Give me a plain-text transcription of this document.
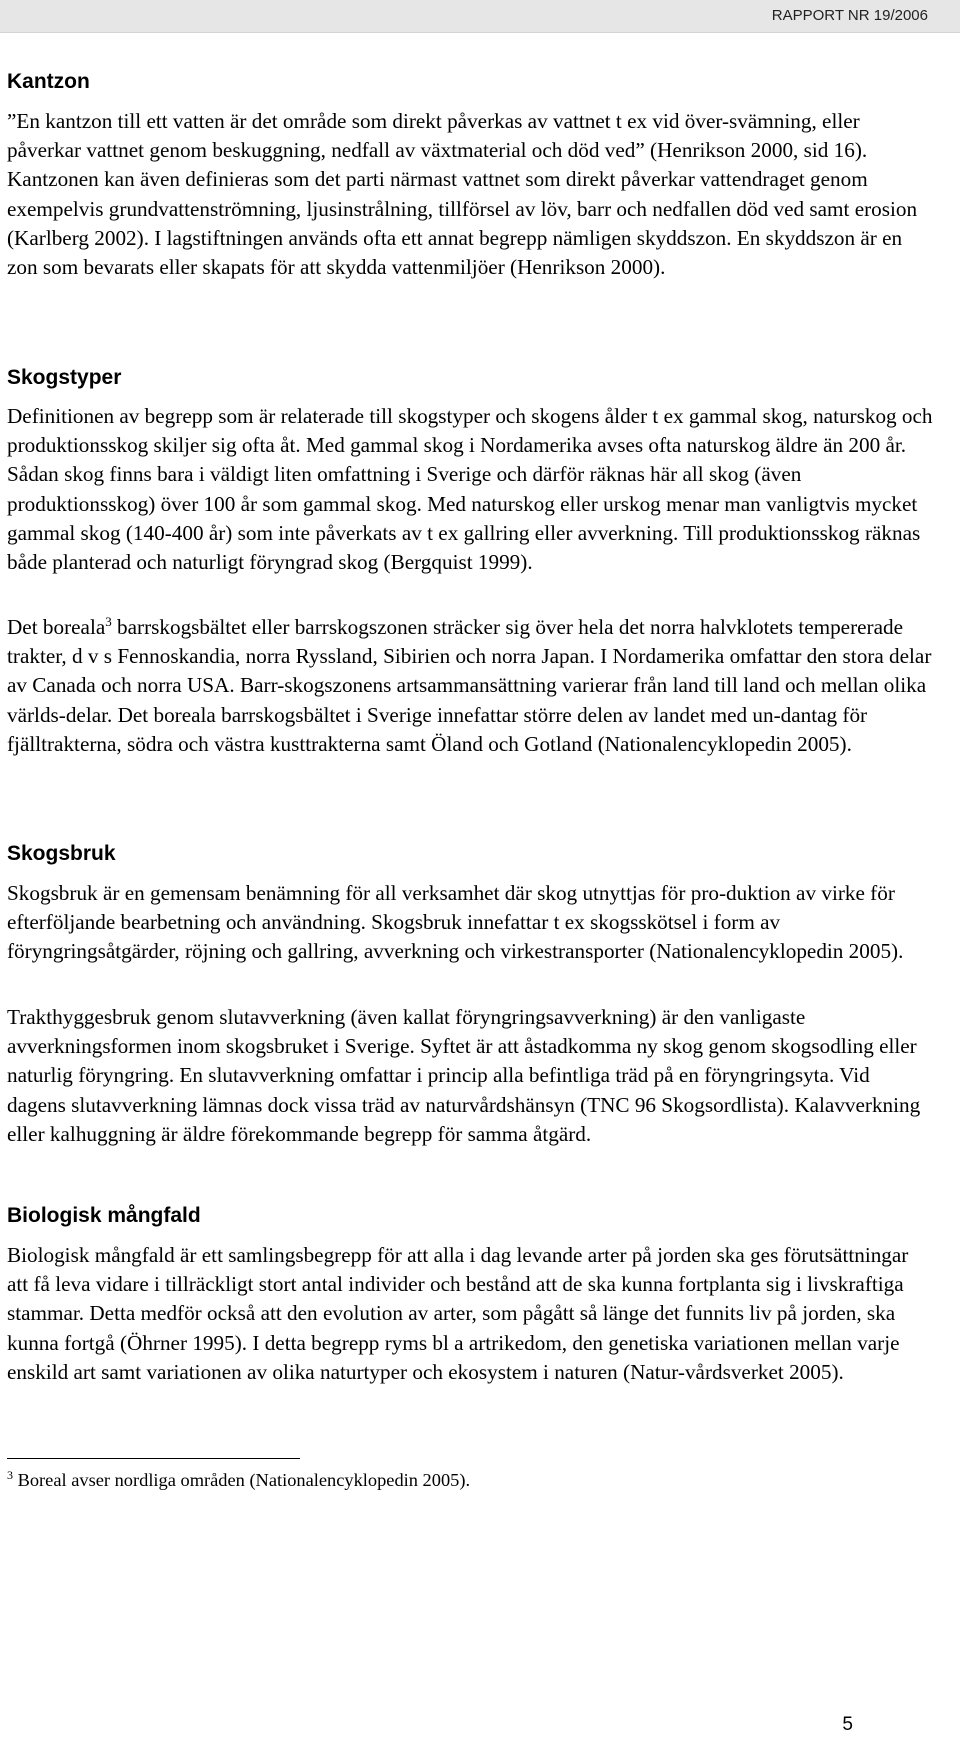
RAPPORT NR 19/2006
Kantzon

”En kantzon till ett vatten är det område som direkt påverkas av vattnet t ex vid över-svämning, eller påverkar vattnet genom beskuggning, nedfall av växtmaterial och död ved” (Henrikson 2000, sid 16). Kantzonen kan även definieras som det parti närmast vattnet som direkt påverkar vattendraget genom exempelvis grundvattenströmning, ljusinstrålning, tillförsel av löv, barr och nedfallen död ved samt erosion (Karlberg 2002). I lagstiftningen används ofta ett annat begrepp nämligen skyddszon. En skyddszon är en zon som bevarats eller skapats för att skydda vattenmiljöer (Henrikson 2000).

Skogstyper

Definitionen av begrepp som är relaterade till skogstyper och skogens ålder t ex gammal skog, naturskog och produktionsskog skiljer sig ofta åt. Med gammal skog i Nordamerika avses ofta naturskog äldre än 200 år. Sådan skog finns bara i väldigt liten omfattning i Sverige och därför räknas här all skog (även produktionsskog) över 100 år som gammal skog. Med naturskog eller urskog menar man vanligtvis mycket gammal skog (140-400 år) som inte påverkats av t ex gallring eller avverkning. Till produktionsskog räknas både planterad och naturligt föryngrad skog (Bergquist 1999).

Det boreala$^3$ barrskogsbältet eller barrskogszonen sträcker sig över hela det norra halvklotets tempererade trakter, d v s Fennoskandia, norra Ryssland, Sibirien och norra Japan. I Nordamerika omfattar den stora delar av Canada och norra USA. Barr-skogszonens artsammansättning varierar från land till land och mellan olika världs-delar. Det boreala barrskogsbältet i Sverige innefattar större delen av landet med un-dantag för fjälltrakterna, södra och västra kusttrakterna samt Öland och Gotland (Nationalencyklopedin 2005).

Skogsbruk

Skogsbruk är en gemensam benämning för all verksamhet där skog utnyttjas för pro-duktion av virke för efterföljande bearbetning och användning. Skogsbruk innefattar t ex skogsskötsel i form av föryngringsåtgärder, röjning och gallring, avverkning och virkestransporter (Nationalencyklopedin 2005).

Trakthyggesbruk genom slutavverkning (även kallat föryngringsavverkning) är den vanligaste avverkningsformen inom skogsbruket i Sverige. Syftet är att åstadkomma ny skog genom skogsodling eller naturlig föryngring. En slutavverkning omfattar i princip alla befintliga träd på en föryngringsyta. Vid dagens slutavverkning lämnas dock vissa träd av naturvårdshänsyn (TNC 96 Skogsordlista). Kalavverkning eller kalhuggning är äldre förekommande begrepp för samma åtgärd.

Biologisk mångfald

Biologisk mångfald är ett samlingsbegrepp för att alla i dag levande arter på jorden ska ges förutsättningar att få leva vidare i tillräckligt stort antal individer och bestånd att de ska kunna fortplanta sig i livskraftiga stammar. Detta medför också att den evolution av arter, som pågått så länge det funnits liv på jorden, ska kunna fortgå (Öhrner 1995). I detta begrepp ryms bl a artrikedom, den genetiska variationen mellan varje enskild art samt variationen av olika naturtyper och ekosystem i naturen (Natur-vårdsverket 2005).

$^3$ Boreal avser nordliga områden (Nationalencyklopedin 2005).
5
